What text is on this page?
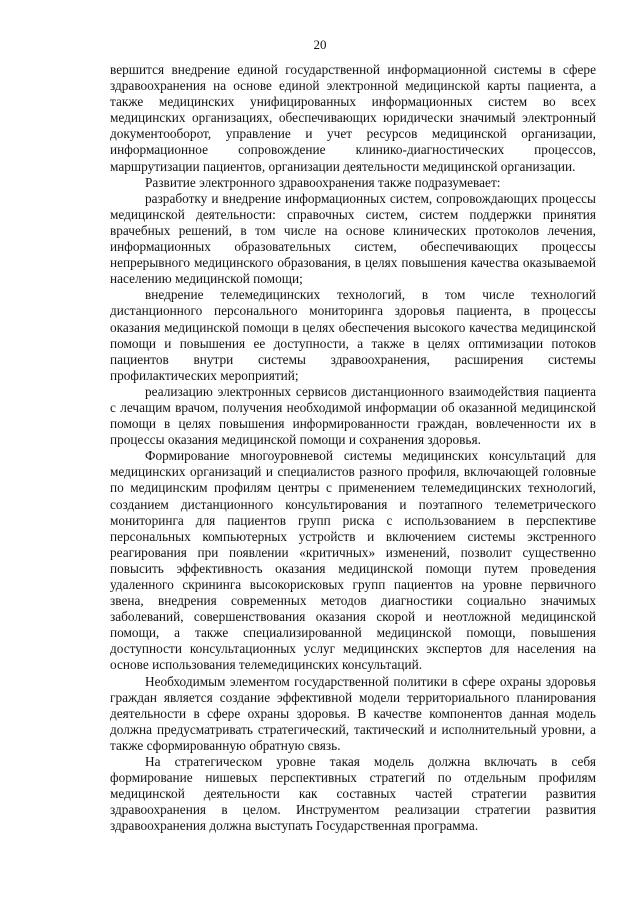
20

вершится внедрение единой государственной информационной системы в сфере здравоохранения на основе единой электронной медицинской карты пациента, а также медицинских унифицированных информационных систем во всех медицинских организациях, обеспечивающих юридически значимый электронный документооборот, управление и учет ресурсов медицинской организации, информационное сопровождение клинико-диагностических процессов, маршрутизации пациентов, организации деятельности медицинской организации.

Развитие электронного здравоохранения также подразумевает:

разработку и внедрение информационных систем, сопровождающих процессы медицинской деятельности: справочных систем, систем поддержки принятия врачебных решений, в том числе на основе клинических протоколов лечения, информационных образовательных систем, обеспечивающих процессы непрерывного медицинского образования, в целях повышения качества оказываемой населению медицинской помощи;

внедрение телемедицинских технологий, в том числе технологий дистанционного персонального мониторинга здоровья пациента, в процессы оказания медицинской помощи в целях обеспечения высокого качества медицинской помощи и повышения ее доступности, а также в целях оптимизации потоков пациентов внутри системы здравоохранения, расширения системы профилактических мероприятий;

реализацию электронных сервисов дистанционного взаимодействия пациента с лечащим врачом, получения необходимой информации об оказанной медицинской помощи в целях повышения информированности граждан, вовлеченности их в процессы оказания медицинской помощи и сохранения здоровья.

Формирование многоуровневой системы медицинских консультаций для медицинских организаций и специалистов разного профиля, включающей головные по медицинским профилям центры с применением телемедицинских технологий, созданием дистанционного консультирования и поэтапного телеметрического мониторинга для пациентов групп риска с использованием в перспективе персональных компьютерных устройств и включением системы экстренного реагирования при появлении «критичных» изменений, позволит существенно повысить эффективность оказания медицинской помощи путем проведения удаленного скрининга высокорисковых групп пациентов на уровне первичного звена, внедрения современных методов диагностики социально значимых заболеваний, совершенствования оказания скорой и неотложной медицинской помощи, а также специализированной медицинской помощи, повышения доступности консультационных услуг медицинских экспертов для населения на основе использования телемедицинских консультаций.

Необходимым элементом государственной политики в сфере охраны здоровья граждан является создание эффективной модели территориального планирования деятельности в сфере охраны здоровья. В качестве компонентов данная модель должна предусматривать стратегический, тактический и исполнительный уровни, а также сформированную обратную связь.

На стратегическом уровне такая модель должна включать в себя формирование нишевых перспективных стратегий по отдельным профилям медицинской деятельности как составных частей стратегии развития здравоохранения в целом. Инструментом реализации стратегии развития здравоохранения должна выступать Государственная программа.
